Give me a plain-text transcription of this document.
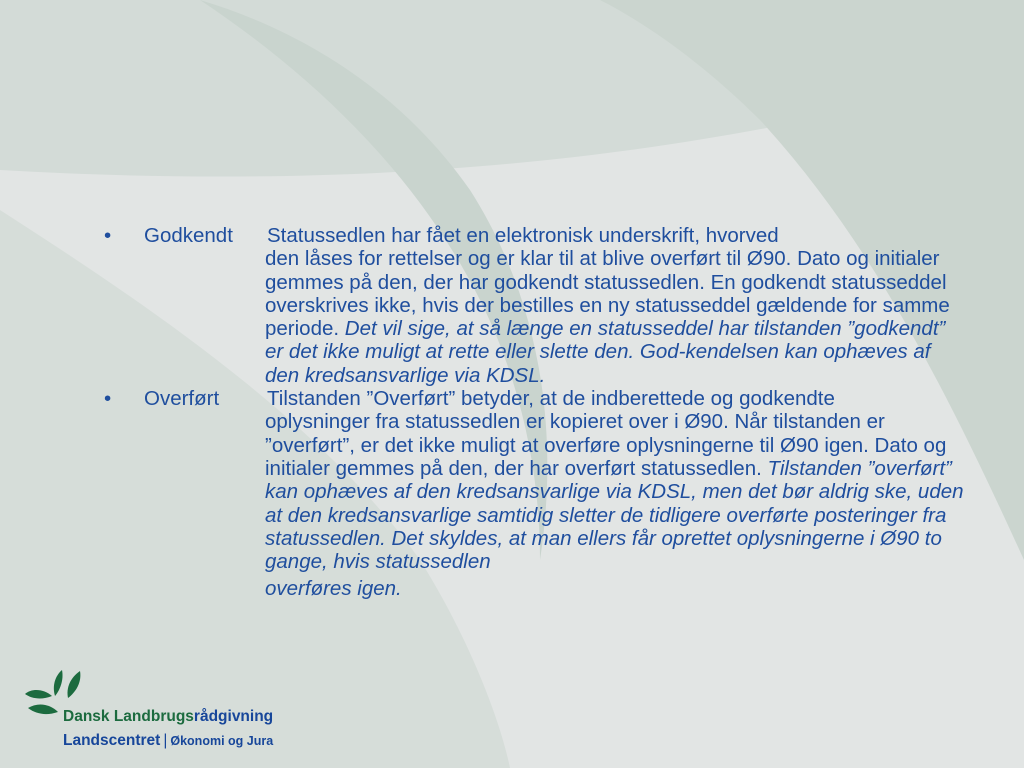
•	Godkendt	Statussedlen har fået en elektronisk underskrift, hvorved
den låses for rettelser og er klar til at blive overført til Ø90. Dato og initialer gemmes på den, der har godkendt statussedlen. En godkendt statusseddel overskrives ikke, hvis der bestilles en ny statusseddel gældende for samme periode. Det vil sige, at så længe en statusseddel har tilstanden ”godkendt” er det ikke muligt at rette eller slette den. God-kendelsen kan ophæves af den kredsansvarlige via KDSL.
•	Overført	Tilstanden ”Overført” betyder, at de indberettede og godkendte
oplysninger fra statussedlen er kopieret over i Ø90. Når tilstanden er ”overført”, er det ikke muligt at overføre oplysningerne til Ø90 igen. Dato og initialer gemmes på den, der har overført statussedlen. Tilstanden ”overført” kan ophæves af den kredsansvarlige via KDSL, men det bør aldrig ske, uden at den kredsansvarlige samtidig sletter de tidligere overførte posteringer fra statussedlen. Det skyldes, at man ellers får oprettet oplysningerne i Ø90 to gange, hvis statussedlen
overføres igen.
Dansk Landbrugsrådgivning
Landscentret | Økonomi og Jura
